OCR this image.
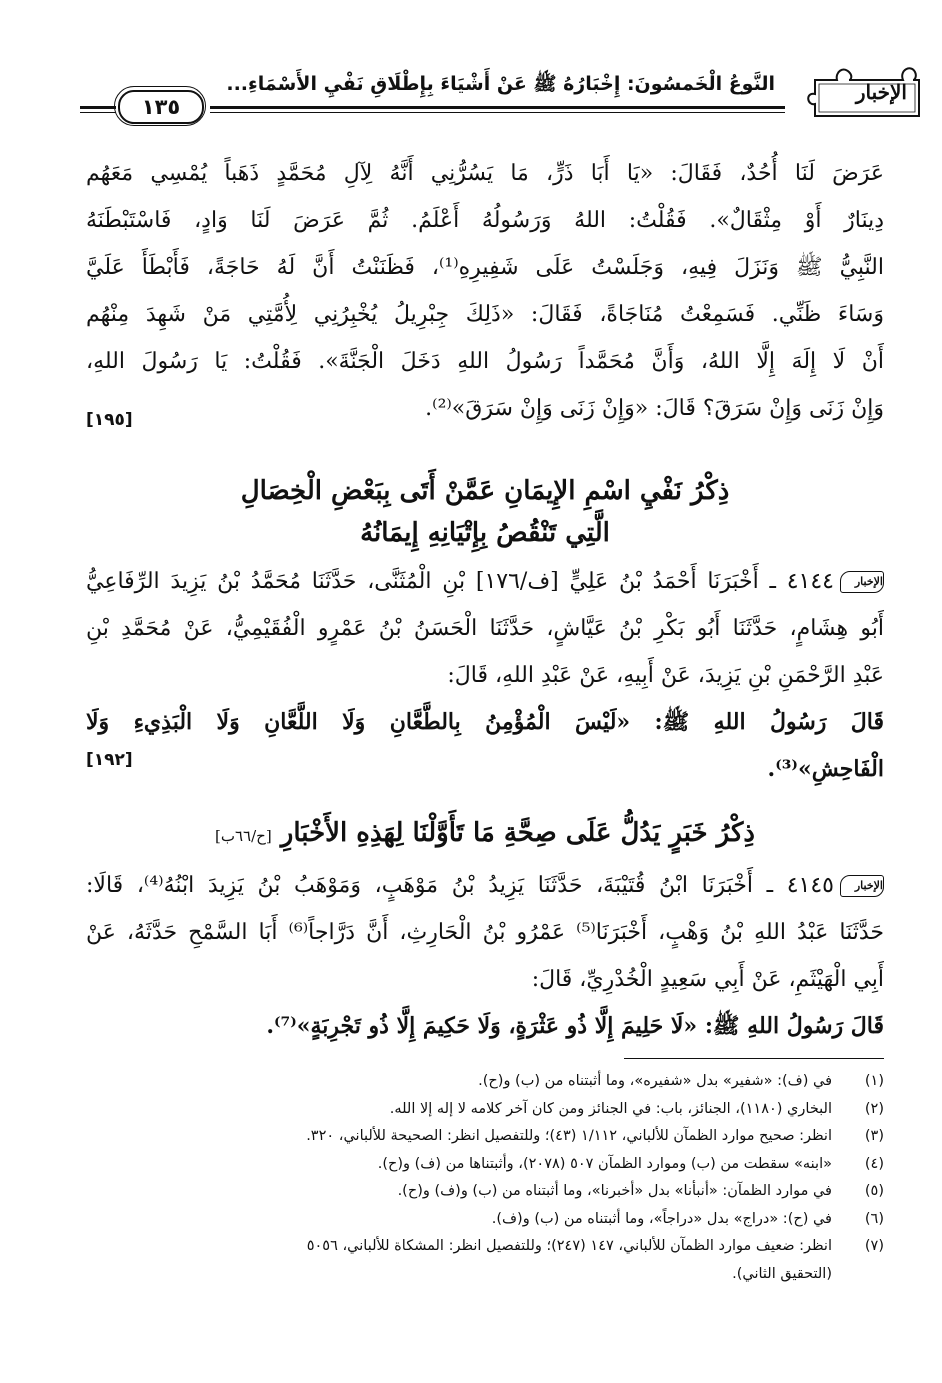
الإخبار
النَّوعُ الْخَمسُونَ: إِخْبَارُهُ ﷺ عَنْ أَشْيَاءَ بِإِطْلَاقِ نَفْيِ الأَسْمَاءِ...
١٣٥
عَرَضَ لَنَا أُحُدٌ، فَقَالَ: «يَا أَبَا ذَرٍّ، مَا يَسُرُّنِي أَنَّهُ لِآلِ مُحَمَّدٍ ذَهَباً يُمْسِي مَعَهُم
دِينَارٌ أَوْ مِثْقَالٌ». فَقُلْتُ: اللهُ وَرَسُولُهُ أَعْلَمُ. ثُمَّ عَرَضَ لَنَا وَادٍ، فَاسْتَبْطَنَهُ
النَّبِيُّ ﷺ وَنَزَلَ فِيهِ، وَجَلَسْتُ عَلَى شَفِيرِهِ⁽¹⁾، فَظَنَنْتُ أَنَّ لَهُ حَاجَةً، فَأَبْطَأَ عَلَيَّ
وَسَاءَ ظَنِّي. فَسَمِعْتُ مُنَاجَاةً، فَقَالَ: «ذَلِكَ جِبْرِيلُ يُخْبِرُنِي لِأُمَّتِي مَنْ شَهِدَ مِنْهُم
أَنْ لَا إِلَهَ إِلَّا اللهُ، وَأَنَّ مُحَمَّداً رَسُولُ اللهِ دَخَلَ الْجَنَّةَ». فَقُلْتُ: يَا رَسُولَ اللهِ،
وَإِنْ زَنَى وَإِنْ سَرَقَ؟ قَالَ: «وَإِنْ زَنَى وَإِنْ سَرَقَ»⁽²⁾.
[١٩٥]
ذِكْرُ نَفْيِ اسْمِ الإِيمَانِ عَمَّنْ أَتَى بِبَعْضِ الْخِصَالِ
الَّتِي تَنْقُصُ بِإِتْيَانِهِ إِيمَانُهُ
الإخبار٤١٤٤ ـ أَخْبَرَنَا أَحْمَدُ بْنُ عَلِيٍّ [ف/١٧٦] بْنِ الْمُثَنَّى، حَدَّثَنَا مُحَمَّدُ بْنُ يَزِيدَ الرِّفَاعِيُّ
أَبُو هِشَامٍ، حَدَّثَنَا أَبُو بَكْرِ بْنُ عَيَّاشٍ، حَدَّثَنَا الْحَسَنُ بْنُ عَمْرٍو الْفُقَيْمِيُّ، عَنْ مُحَمَّدِ بْنِ
عَبْدِ الرَّحْمَنِ بْنِ يَزِيدَ، عَنْ أَبِيهِ، عَنْ عَبْدِ اللهِ، قَالَ:
قَالَ رَسُولُ اللهِ ﷺ: «لَيْسَ الْمُؤْمِنُ بِالطَّعَّانِ وَلَا اللَّعَّانِ وَلَا الْبَذِيءِ وَلَا
الْفَاحِشِ»⁽³⁾.
[١٩٢]
ذِكْرُ خَبَرٍ يَدُلُّ عَلَى صِحَّةِ مَا تَأَوَّلْنَا لِهَذِهِ الأَخْبَارِ [ح/٦٦ب]
الإخبار٤١٤٥ ـ أَخْبَرَنَا ابْنُ قُتَيْبَةَ، حَدَّثَنَا يَزِيدُ بْنُ مَوْهَبٍ، وَمَوْهَبُ بْنُ يَزِيدَ ابْنُهُ⁽⁴⁾، قَالَا:
حَدَّثَنَا عَبْدُ اللهِ بْنُ وَهْبٍ، أَخْبَرَنَا⁽⁵⁾ عَمْرُو بْنُ الْحَارِثِ، أَنَّ دَرَّاجاً⁽⁶⁾ أَبَا السَّمْحِ حَدَّثَهُ، عَنْ
أَبِي الْهَيْثَمِ، عَنْ أَبِي سَعِيدٍ الْخُدْرِيِّ، قَالَ:
قَالَ رَسُولُ اللهِ ﷺ: «لَا حَلِيمَ إِلَّا ذُو عَثْرَةٍ، وَلَا حَكِيمَ إِلَّا ذُو تَجْرِبَةٍ»⁽⁷⁾.
(١)
في (ف): «شفير» بدل «شفيره»، وما أثبتناه من (ب) و(ح).
(٢)
البخاري (١١٨٠)، الجنائز، باب: في الجنائز ومن كان آخر كلامه لا إله إلا الله.
(٣)
انظر: صحيح موارد الظمآن للألباني، ١/١١٢ (٤٣)؛ وللتفصيل انظر: الصحيحة للألباني، ٣٢٠.
(٤)
«ابنه» سقطت من (ب) وموارد الظمآن ٥٠٧ (٢٠٧٨)، وأثبتناها من (ف) و(ح).
(٥)
في موارد الظمآن: «أنبأنا» بدل «أخبرنا»، وما أثبتناه من (ب) و(ف) و(ح).
(٦)
في (ح): «دراج» بدل «دراجاً»، وما أثبتناه من (ب) و(ف).
(٧)
انظر: ضعيف موارد الظمآن للألباني، ١٤٧ (٢٤٧)؛ وللتفصيل انظر: المشكاة للألباني، ٥٠٥٦
(التحقيق الثاني).
